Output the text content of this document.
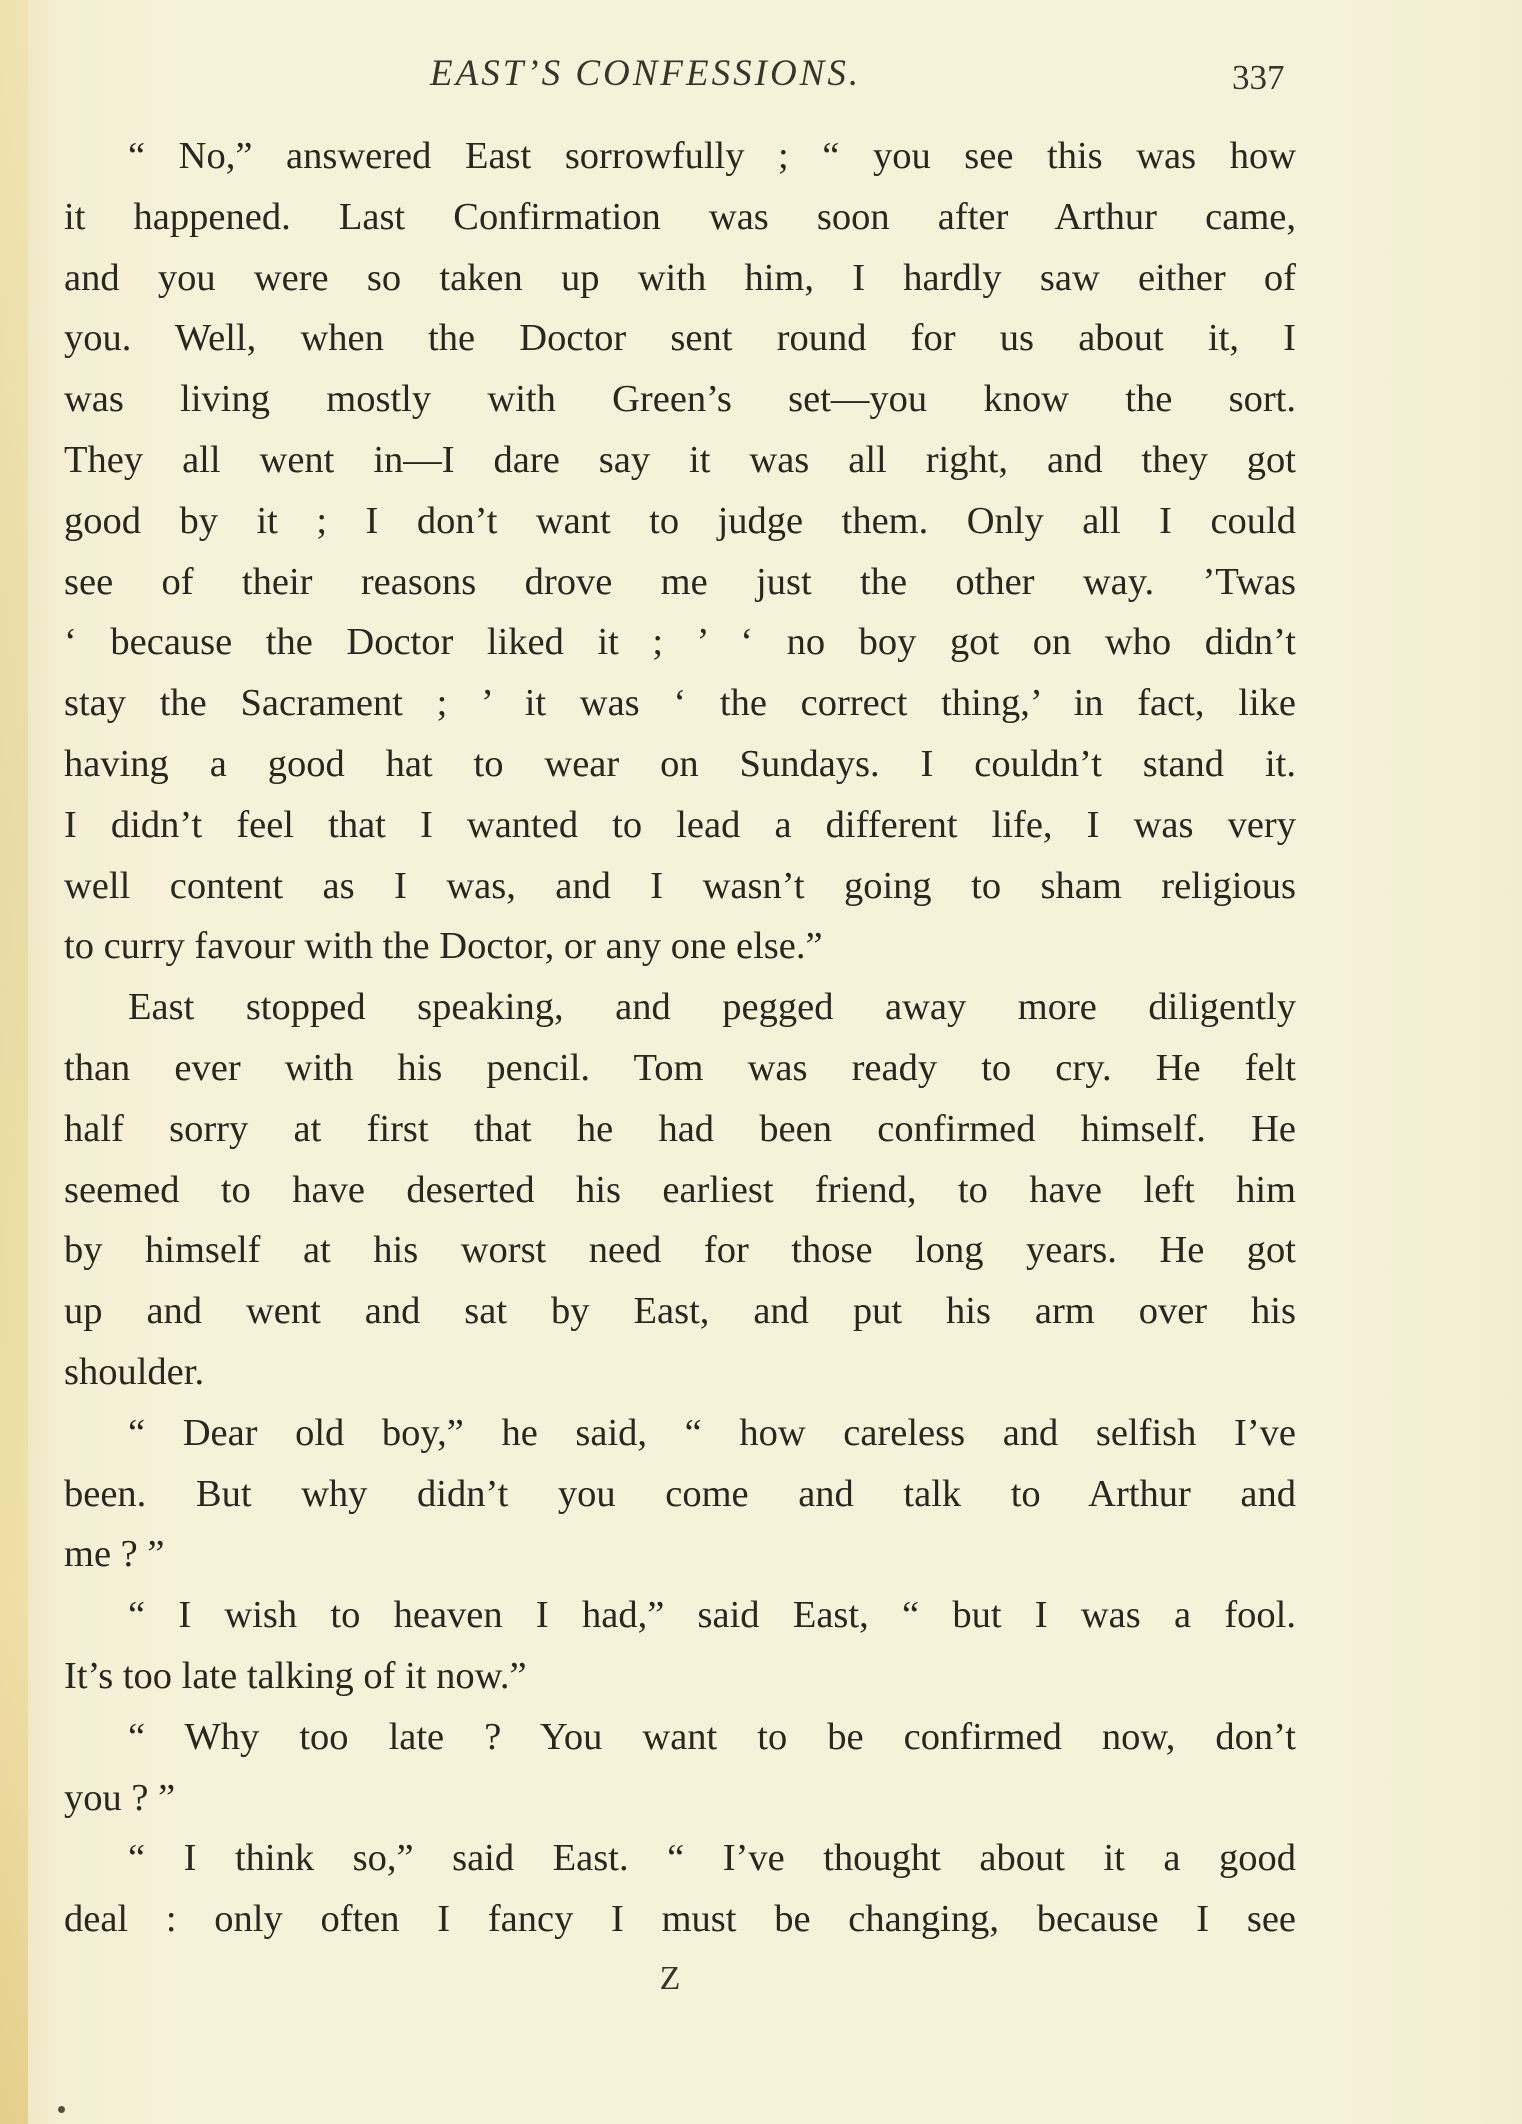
EAST’S CONFESSIONS.	337
“ No,” answered East sorrowfully ; “ you see this was how
it happened. Last Confirmation was soon after Arthur came,
and you were so taken up with him, I hardly saw either of
you. Well, when the Doctor sent round for us about it, I
was living mostly with Green’s set—you know the sort.
They all went in—I dare say it was all right, and they got
good by it ; I don’t want to judge them. Only all I could
see of their reasons drove me just the other way. ’Twas
‘ because the Doctor liked it ; ’ ‘ no boy got on who didn’t
stay the Sacrament ; ’ it was ‘ the correct thing,’ in fact, like
having a good hat to wear on Sundays. I couldn’t stand it.
I didn’t feel that I wanted to lead a different life, I was very
well content as I was, and I wasn’t going to sham religious
to curry favour with the Doctor, or any one else.”
East stopped speaking, and pegged away more diligently
than ever with his pencil. Tom was ready to cry. He felt
half sorry at first that he had been confirmed himself. He
seemed to have deserted his earliest friend, to have left him
by himself at his worst need for those long years. He got
up and went and sat by East, and put his arm over his
shoulder.
“ Dear old boy,” he said, “ how careless and selfish I’ve
been. But why didn’t you come and talk to Arthur and
me ? ”
“ I wish to heaven I had,” said East, “ but I was a fool.
It’s too late talking of it now.”
“ Why too late ? You want to be confirmed now, don’t
you ? ”
“ I think so,” said East. “ I’ve thought about it a good
deal : only often I fancy I must be changing, because I see
Z
